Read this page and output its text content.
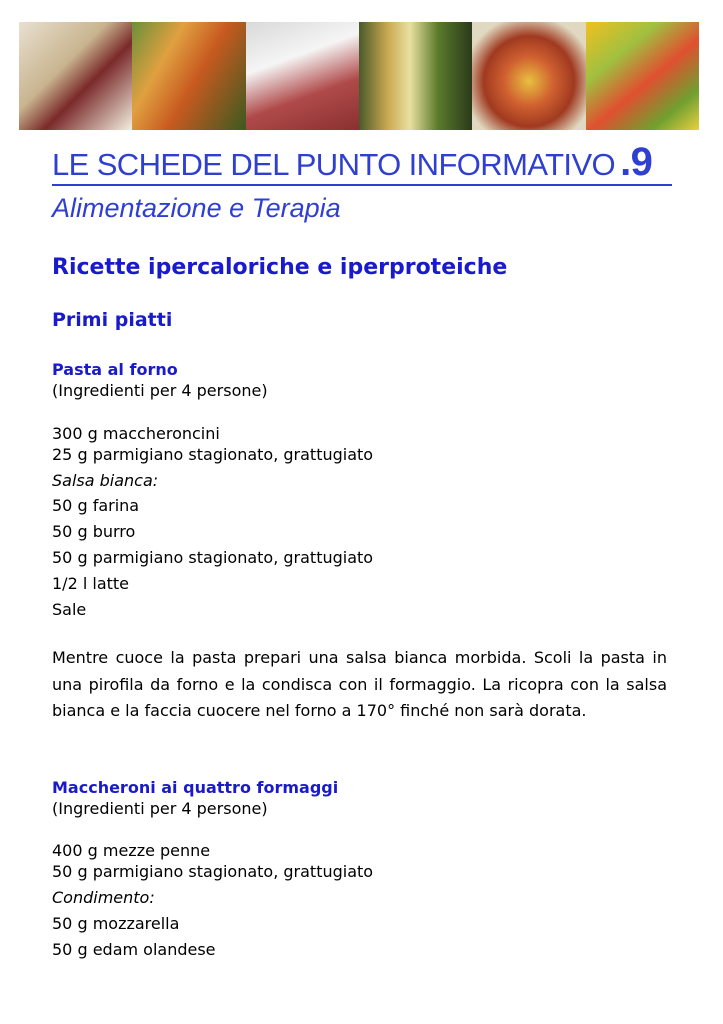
LE SCHEDE DEL PUNTO INFORMATIVO .9
Alimentazione e Terapia
Ricette ipercaloriche e iperproteiche
Primi piatti
Pasta al forno
(Ingredienti per 4 persone)
300 g maccheroncini
25 g parmigiano stagionato, grattugiato
Salsa bianca:
50 g farina
50 g burro
50 g parmigiano stagionato, grattugiato
1/2 l latte
Sale
Mentre cuoce la pasta prepari una salsa bianca morbida. Scoli la pasta in una pirofila da forno e la condisca con il formaggio. La ricopra con la salsa bianca e la faccia cuocere nel forno a 170° finché non sarà dorata.
Maccheroni ai quattro formaggi
(Ingredienti per 4 persone)
400 g mezze penne
50 g parmigiano stagionato, grattugiato
Condimento:
50 g mozzarella
50 g edam olandese
